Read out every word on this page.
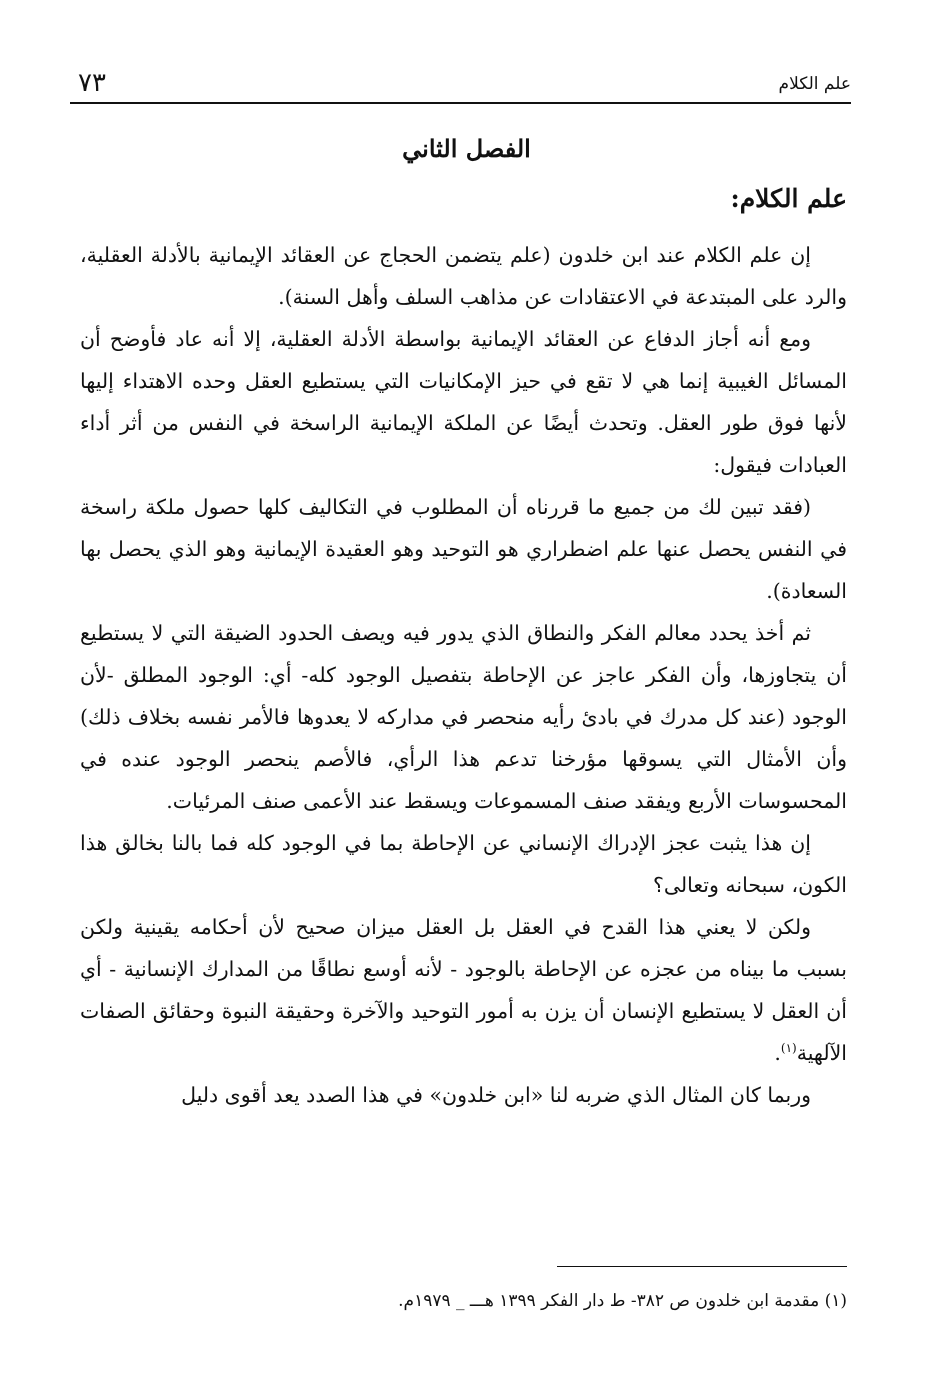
علم الكلام
٧٣
الفصل الثاني
علم الكلام:

إن علم الكلام عند ابن خلدون (علم يتضمن الحجاج عن العقائد الإيمانية بالأدلة العقلية، والرد على المبتدعة في الاعتقادات عن مذاهب السلف وأهل السنة).

ومع أنه أجاز الدفاع عن العقائد الإيمانية بواسطة الأدلة العقلية، إلا أنه عاد فأوضح أن المسائل الغيبية إنما هي لا تقع في حيز الإمكانيات التي يستطيع العقل وحده الاهتداء إليها لأنها فوق طور العقل. وتحدث أيضًا عن الملكة الإيمانية الراسخة في النفس من أثر أداء العبادات فيقول:

(فقد تبين لك من جميع ما قررناه أن المطلوب في التكاليف كلها حصول ملكة راسخة في النفس يحصل عنها علم اضطراري هو التوحيد وهو العقيدة الإيمانية وهو الذي يحصل بها السعادة).

ثم أخذ يحدد معالم الفكر والنطاق الذي يدور فيه ويصف الحدود الضيقة التي لا يستطيع أن يتجاوزها، وأن الفكر عاجز عن الإحاطة بتفصيل الوجود كله- أي: الوجود المطلق -لأن الوجود (عند كل مدرك في بادئ رأيه منحصر في مداركه لا يعدوها فالأمر نفسه بخلاف ذلك) وأن الأمثال التي يسوقها مؤرخنا تدعم هذا الرأي، فالأصم ينحصر الوجود عنده في المحسوسات الأربع ويفقد صنف المسموعات ويسقط عند الأعمى صنف المرئيات.

إن هذا يثبت عجز الإدراك الإنساني عن الإحاطة بما في الوجود كله فما بالنا بخالق هذا الكون، سبحانه وتعالى؟

ولكن لا يعني هذا القدح في العقل بل العقل ميزان صحيح لأن أحكامه يقينية ولكن بسبب ما بيناه من عجزه عن الإحاطة بالوجود - لأنه أوسع نطاقًا من المدارك الإنسانية - أي أن العقل لا يستطيع الإنسان أن يزن به أمور التوحيد والآخرة وحقيقة النبوة وحقائق الصفات الآلهية$^{(١)}$.

وربما كان المثال الذي ضربه لنا «ابن خلدون» في هذا الصدد يعد أقوى دليل

(١) مقدمة ابن خلدون ص ٣٨٢- ط دار الفكر ١٣٩٩ هـــ _ ١٩٧٩م.
